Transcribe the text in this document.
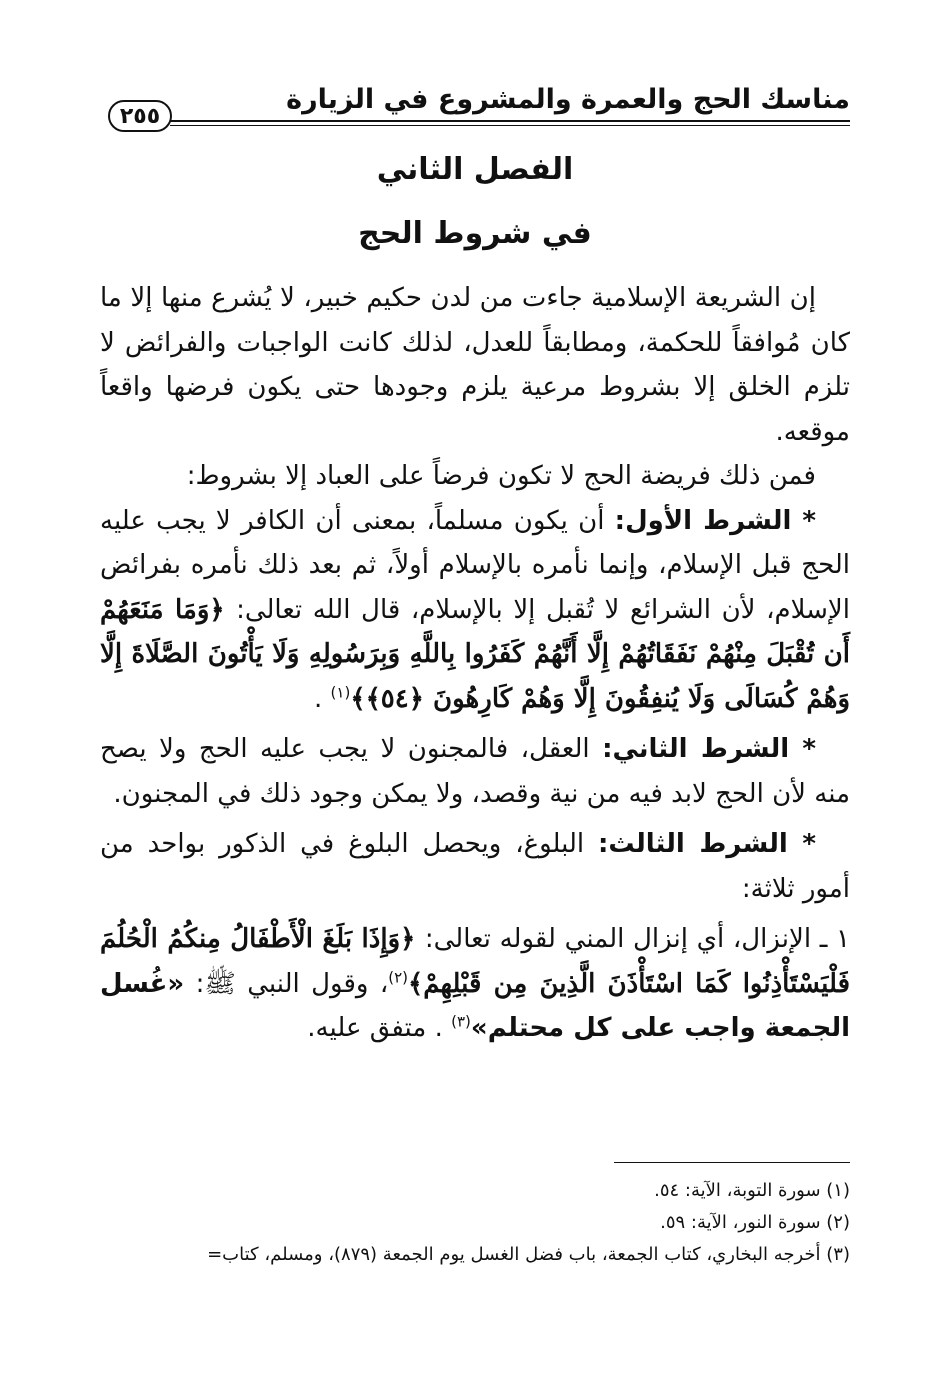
مناسك الحج والعمرة والمشروع في الزيارة
٢٥٥
الفصل الثاني
في شروط الحج

إن الشريعة الإسلامية جاءت من لدن حكيم خبير، لا يُشرع منها إلا ما كان مُوافقاً للحكمة، ومطابقاً للعدل، لذلك كانت الواجبات والفرائض لا تلزم الخلق إلا بشروط مرعية يلزم وجودها حتى يكون فرضها واقعاً موقعه.

فمن ذلك فريضة الحج لا تكون فرضاً على العباد إلا بشروط:

* الشرط الأول: أن يكون مسلماً، بمعنى أن الكافر لا يجب عليه الحج قبل الإسلام، وإنما نأمره بالإسلام أولاً، ثم بعد ذلك نأمره بفرائض الإسلام، لأن الشرائع لا تُقبل إلا بالإسلام، قال الله تعالى: ﴿وَمَا مَنَعَهُمْ أَن تُقْبَلَ مِنْهُمْ نَفَقَاتُهُمْ إِلَّا أَنَّهُمْ كَفَرُوا بِاللَّهِ وَبِرَسُولِهِ وَلَا يَأْتُونَ الصَّلَاةَ إِلَّا وَهُمْ كُسَالَى وَلَا يُنفِقُونَ إِلَّا وَهُمْ كَارِهُونَ ﴿٥٤﴾﴾$^{(١)}$ .

* الشرط الثاني: العقل، فالمجنون لا يجب عليه الحج ولا يصح منه لأن الحج لابد فيه من نية وقصد، ولا يمكن وجود ذلك في المجنون.

* الشرط الثالث: البلوغ، ويحصل البلوغ في الذكور بواحد من أمور ثلاثة:

١ ـ الإنزال، أي إنزال المني لقوله تعالى: ﴿وَإِذَا بَلَغَ الْأَطْفَالُ مِنكُمُ الْحُلُمَ فَلْيَسْتَأْذِنُوا كَمَا اسْتَأْذَنَ الَّذِينَ مِن قَبْلِهِمْ﴾$^{(٢)}$، وقول النبي ﷺ: «غُسل الجمعة واجب على كل محتلم»$^{(٣)}$ . متفق عليه.

(١) سورة التوبة، الآية: ٥٤.

(٢) سورة النور، الآية: ٥٩.

(٣) أخرجه البخاري، كتاب الجمعة، باب فضل الغسل يوم الجمعة (٨٧٩)، ومسلم، كتاب=
